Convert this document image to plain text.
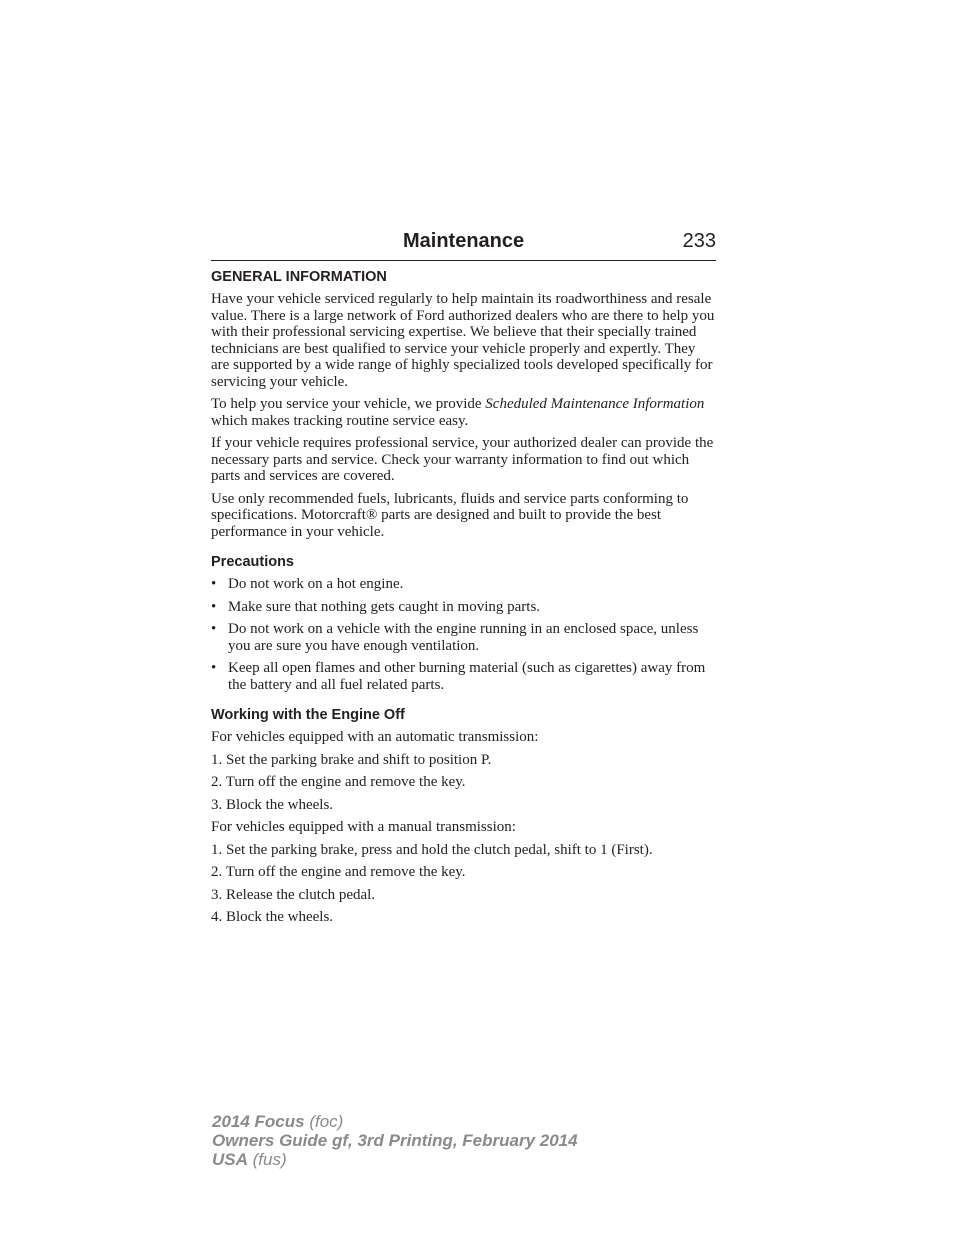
Maintenance	233
GENERAL INFORMATION

Have your vehicle serviced regularly to help maintain its roadworthiness and resale value. There is a large network of Ford authorized dealers who are there to help you with their professional servicing expertise. We believe that their specially trained technicians are best qualified to service your vehicle properly and expertly. They are supported by a wide range of highly specialized tools developed specifically for servicing your vehicle.

To help you service your vehicle, we provide Scheduled Maintenance Information which makes tracking routine service easy.

If your vehicle requires professional service, your authorized dealer can provide the necessary parts and service. Check your warranty information to find out which parts and services are covered.

Use only recommended fuels, lubricants, fluids and service parts conforming to specifications. Motorcraft® parts are designed and built to provide the best performance in your vehicle.

Precautions
• Do not work on a hot engine.
• Make sure that nothing gets caught in moving parts.
• Do not work on a vehicle with the engine running in an enclosed space, unless you are sure you have enough ventilation.
• Keep all open flames and other burning material (such as cigarettes) away from the battery and all fuel related parts.
Working with the Engine Off

For vehicles equipped with an automatic transmission:

1. Set the parking brake and shift to position P.
2. Turn off the engine and remove the key.
3. Block the wheels.

For vehicles equipped with a manual transmission:

1. Set the parking brake, press and hold the clutch pedal, shift to 1 (First).
2. Turn off the engine and remove the key.
3. Release the clutch pedal.
4. Block the wheels.
2014 Focus (foc)
Owners Guide gf, 3rd Printing, February 2014
USA (fus)
